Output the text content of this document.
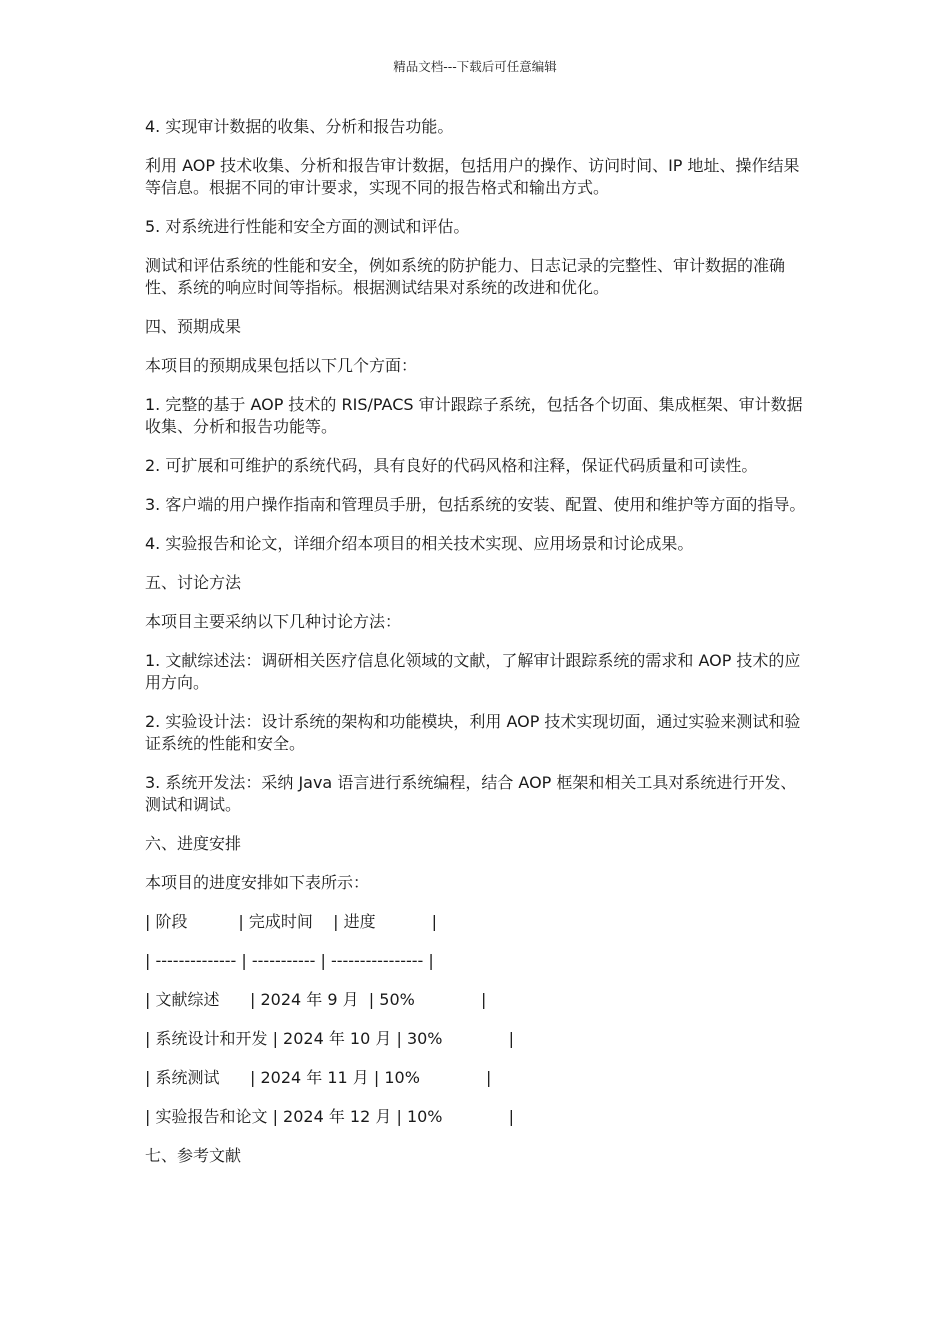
精品文档---下载后可任意编辑

4. 实现审计数据的收集、分析和报告功能。

利用 AOP 技术收集、分析和报告审计数据，包括用户的操作、访问时间、IP 地址、操作结果等信息。根据不同的审计要求，实现不同的报告格式和输出方式。

5. 对系统进行性能和安全方面的测试和评估。

测试和评估系统的性能和安全，例如系统的防护能力、日志记录的完整性、审计数据的准确性、系统的响应时间等指标。根据测试结果对系统的改进和优化。

四、预期成果

本项目的预期成果包括以下几个方面：

1. 完整的基于 AOP 技术的 RIS/PACS 审计跟踪子系统，包括各个切面、集成框架、审计数据收集、分析和报告功能等。

2. 可扩展和可维护的系统代码，具有良好的代码风格和注释，保证代码质量和可读性。

3. 客户端的用户操作指南和管理员手册，包括系统的安装、配置、使用和维护等方面的指导。

4. 实验报告和论文，详细介绍本项目的相关技术实现、应用场景和讨论成果。

五、讨论方法

本项目主要采纳以下几种讨论方法：

1. 文献综述法：调研相关医疗信息化领域的文献，了解审计跟踪系统的需求和 AOP 技术的应用方向。

2. 实验设计法：设计系统的架构和功能模块，利用 AOP 技术实现切面，通过实验来测试和验证系统的性能和安全。

3. 系统开发法：采纳 Java 语言进行系统编程，结合 AOP 框架和相关工具对系统进行开发、测试和调试。

六、进度安排

本项目的进度安排如下表所示：

| 阶段          | 完成时间    | 进度           |

| -------------- | ----------- | ---------------- |

| 文献综述      | 2024 年 9 月  | 50%             |

| 系统设计和开发 | 2024 年 10 月 | 30%             |

| 系统测试      | 2024 年 11 月 | 10%             |

| 实验报告和论文 | 2024 年 12 月 | 10%             |

七、参考文献
